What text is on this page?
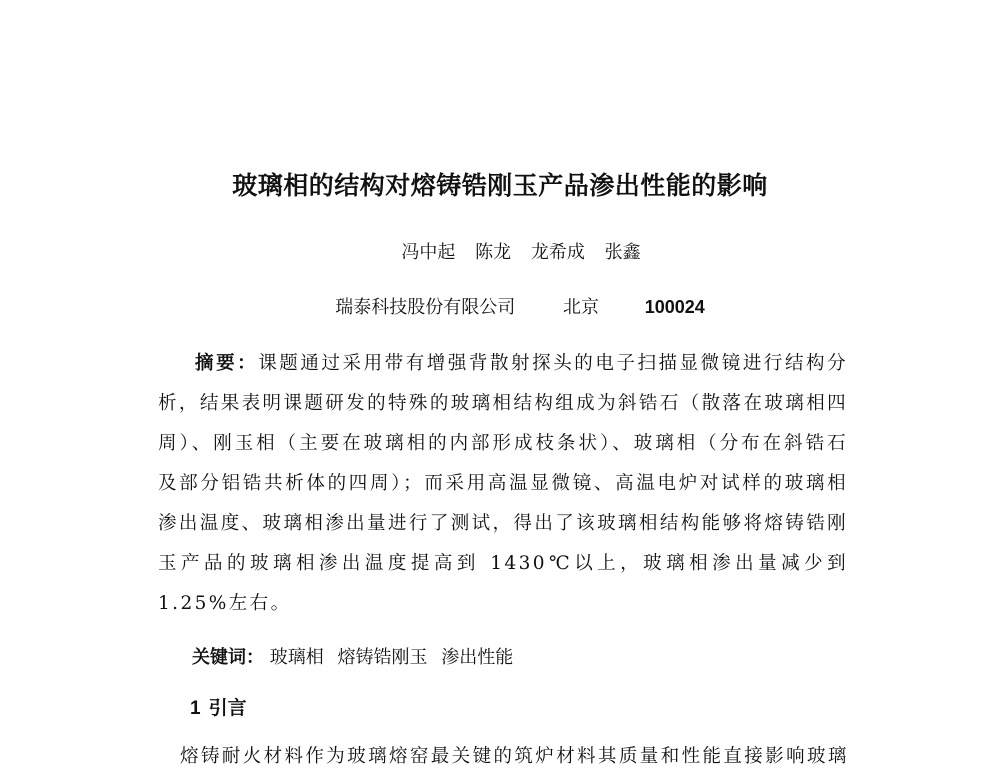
玻璃相的结构对熔铸锆刚玉产品渗出性能的影响
冯中起 陈龙 龙希成 张鑫
瑞泰科技股份有限公司	北京	100024
摘要：课题通过采用带有增强背散射探头的电子扫描显微镜进行结构分析，结果表明课题研发的特殊的玻璃相结构组成为斜锆石（散落在玻璃相四周）、刚玉相（主要在玻璃相的内部形成枝条状）、玻璃相（分布在斜锆石及部分铝锆共析体的四周）；而采用高温显微镜、高温电炉对试样的玻璃相渗出温度、玻璃相渗出量进行了测试，得出了该玻璃相结构能够将熔铸锆刚玉产品的玻璃相渗出温度提高到 1430℃以上，玻璃相渗出量减少到 1.25%左右。
关键词： 玻璃相 熔铸锆刚玉 渗出性能
1 引言
熔铸耐火材料作为玻璃熔窑最关键的筑炉材料其质量和性能直接影响玻璃
